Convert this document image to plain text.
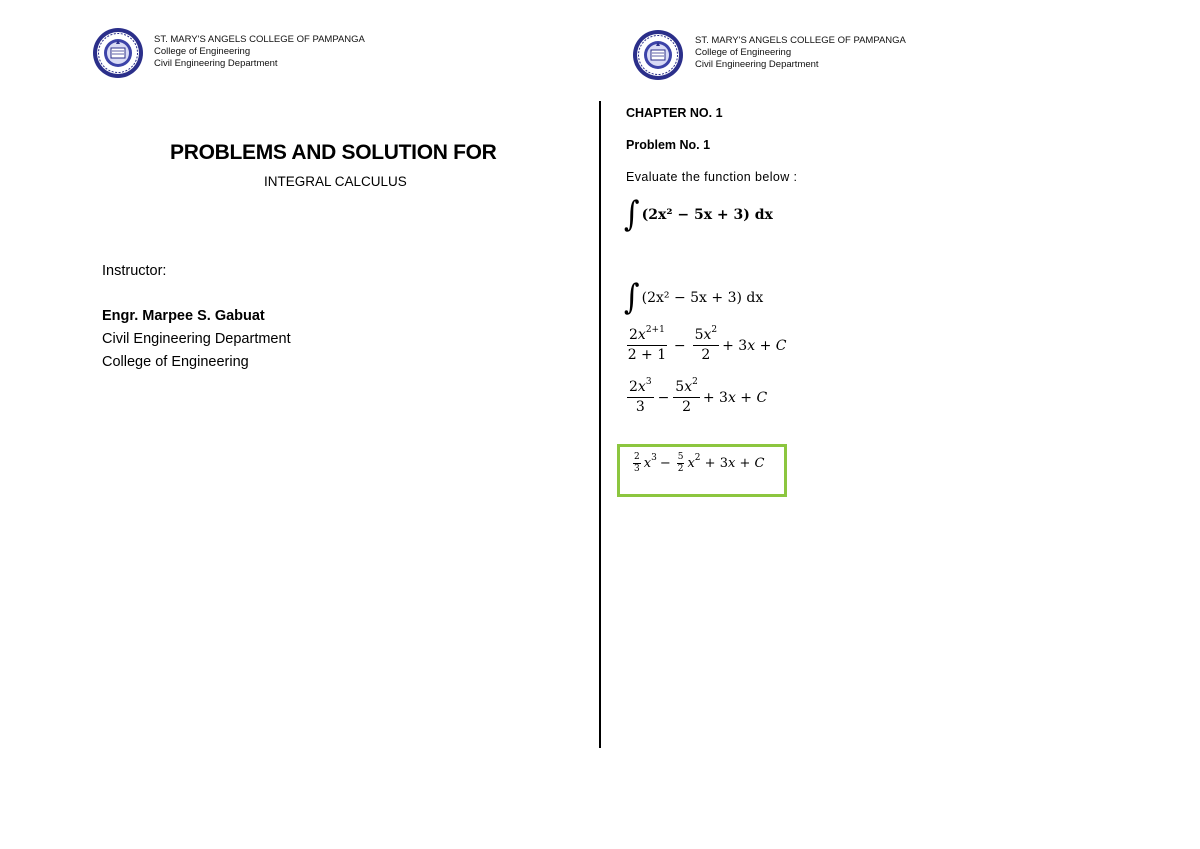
ST. MARY'S ANGELS COLLEGE OF PAMPANGA
College of Engineering
Civil Engineering Department
ST. MARY'S ANGELS COLLEGE OF PAMPANGA
College of Engineering
Civil Engineering Department
PROBLEMS AND SOLUTION FOR
INTEGRAL CALCULUS
Instructor:
Engr. Marpee S. Gabuat
Civil Engineering Department
College of Engineering
CHAPTER NO. 1
Problem No. 1
Evaluate the function below :
∫ (2x² − 5x + 3) dx
∫ (2x² − 5x + 3) dx
$\frac{2x^{2+1}}{2 + 1} - \frac{5x^2}{2} + 3x + C$
$\frac{2x^3}{3} - \frac{5x^2}{2} + 3x + C$
$\frac{2}{3} x^3 - \frac{5}{2} x^2 + 3x + C$
